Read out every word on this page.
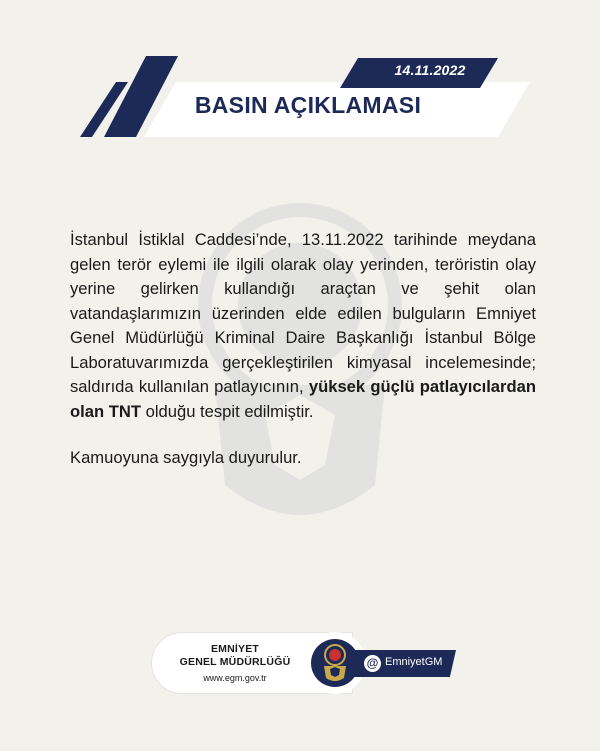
14.11.2022
BASIN AÇIKLAMASI

İstanbul İstiklal Caddesi’nde, 13.11.2022 tarihinde meydana gelen terör eylemi ile ilgili olarak olay yerinden, teröristin olay yerine gelirken kullandığı araçtan ve şehit olan vatandaşlarımızın üzerinden elde edilen bulguların Emniyet Genel Müdürlüğü Kriminal Daire Başkanlığı İstanbul Bölge Laboratuvarımızda gerçekleştirilen kimyasal incelemesinde; saldırıda kullanılan patlayıcının, yüksek güçlü patlayıcılardan olan TNT olduğu tespit edilmiştir.

Kamuoyuna saygıyla duyurulur.

EMNİYET
GENEL MÜDÜRLÜĞÜ
www.egm.gov.tr
@ EmniyetGM
